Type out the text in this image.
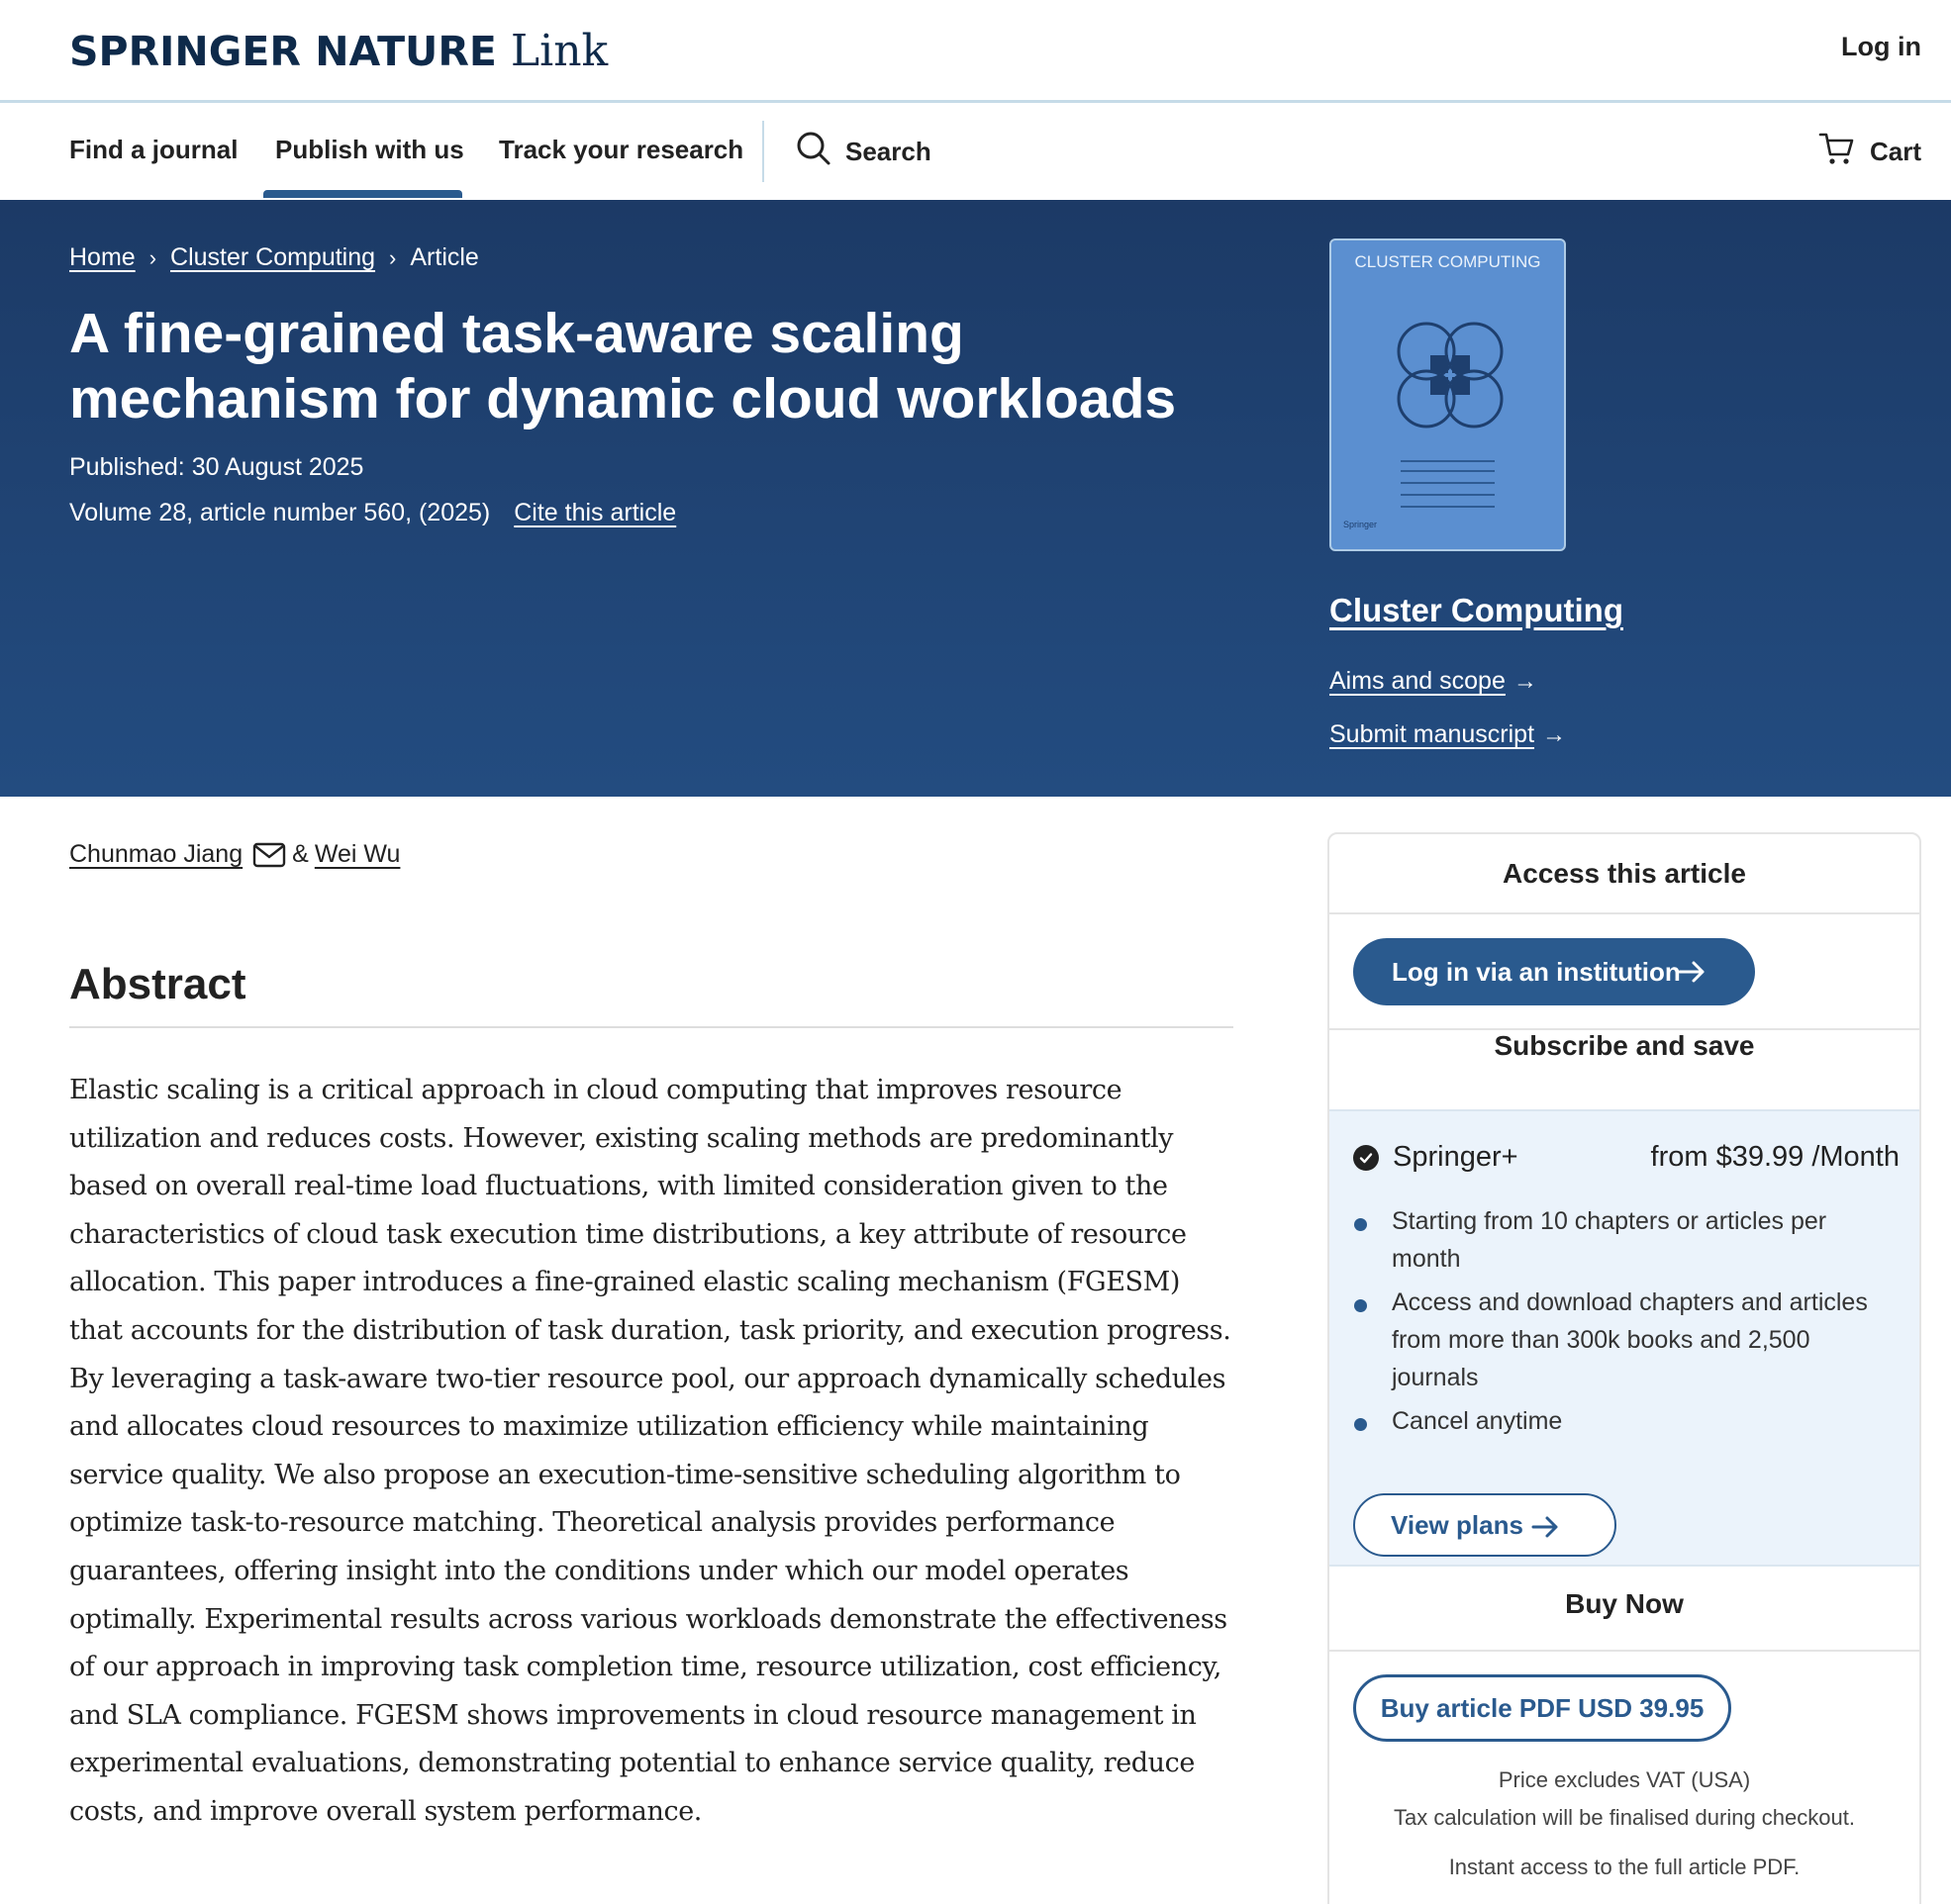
SPRINGER NATURE Link	Log in
Find a journal Publish with us Track your research	Search	Cart
Home › Cluster Computing › Article
A fine-grained task-aware scaling mechanism for dynamic cloud workloads
Published: 30 August 2025
Volume 28, article number 560, (2025) Cite this article
CLUSTER COMPUTING
Springer
Cluster Computing
Aims and scope →
Submit manuscript →
Chunmao Jiang & Wei Wu
Abstract

Elastic scaling is a critical approach in cloud computing that improves resource utilization and reduces costs. However, existing scaling methods are predominantly based on overall real-time load fluctuations, with limited consideration given to the characteristics of cloud task execution time distributions, a key attribute of resource allocation. This paper introduces a fine-grained elastic scaling mechanism (FGESM) that accounts for the distribution of task duration, task priority, and execution progress. By leveraging a task-aware two-tier resource pool, our approach dynamically schedules and allocates cloud resources to maximize utilization efficiency while maintaining service quality. We also propose an execution-time-sensitive scheduling algorithm to optimize task-to-resource matching. Theoretical analysis provides performance guarantees, offering insight into the conditions under which our model operates optimally. Experimental results across various workloads demonstrate the effectiveness of our approach in improving task completion time, resource utilization, cost efficiency, and SLA compliance. FGESM shows improvements in cloud resource management in experimental evaluations, demonstrating potential to enhance service quality, reduce costs, and improve overall system performance.

Access this article
Log in via an institution
Subscribe and save
Springer+	from $39.99 /Month
Starting from 10 chapters or articles per month
Access and download chapters and articles from more than 300k books and 2,500 journals
Cancel anytime
View plans
Buy Now
Buy article PDF USD 39.95
Price excludes VAT (USA)
Tax calculation will be finalised during checkout.
Instant access to the full article PDF.
